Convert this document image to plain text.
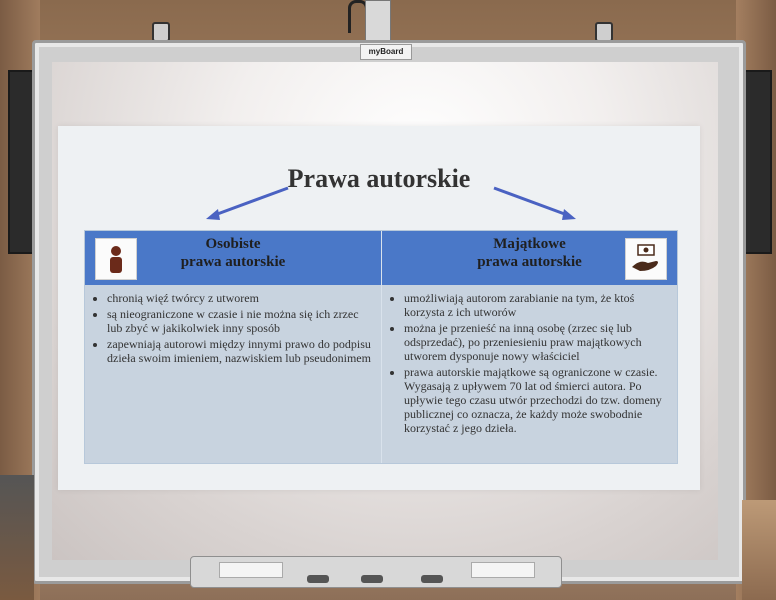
myBoard
Prawa autorskie
Osobiste
prawa autorskie
• chronią więź twórcy z utworem
• są nieograniczone w czasie i nie można się ich zrzec lub zbyć w jakikolwiek inny sposób
• zapewniają autorowi między innymi prawo do podpisu dzieła swoim imieniem, nazwiskiem lub pseudonimem
Majątkowe
prawa autorskie
• umożliwiają autorom zarabianie na tym, że ktoś korzysta z ich utworów
• można je przenieść na inną osobę (zrzec się lub odsprzedać), po przeniesieniu praw majątkowych utworem dysponuje nowy właściciel
• prawa autorskie majątkowe są ograniczone w czasie. Wygasają z upływem 70 lat od śmierci autora. Po upływie tego czasu utwór przechodzi do tzw. domeny publicznej co oznacza, że każdy może swobodnie korzystać z jego dzieła.
